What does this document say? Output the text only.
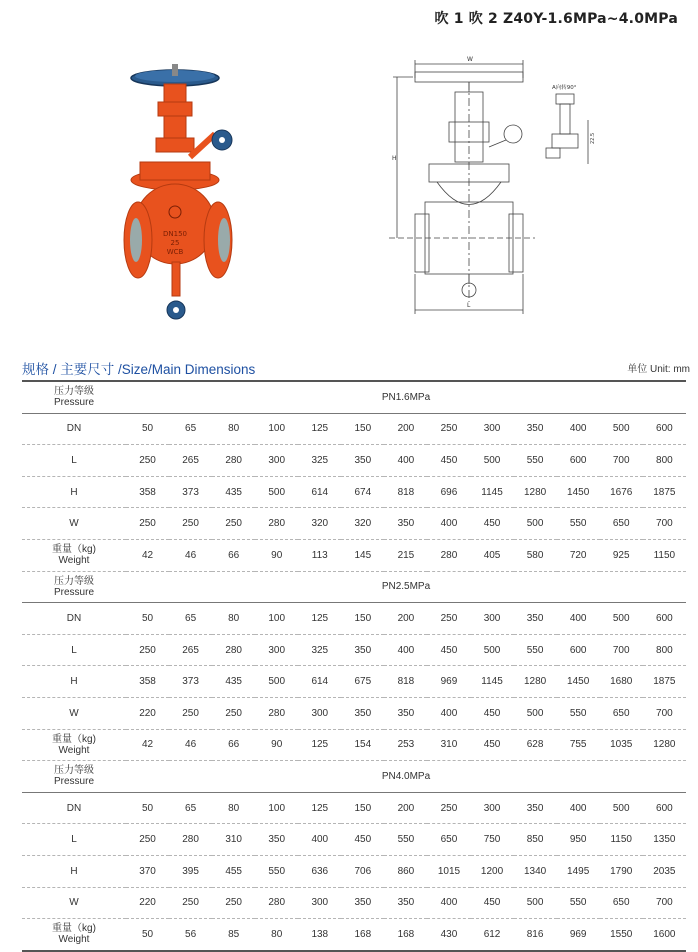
吹 1 吹 2 Z40Y-1.6MPa~4.0MPa
DN150
25
WCB
W
H
L
A向转90°
22.5
规格 / 主要尺寸 /Size/Main Dimensions	单位 Unit: mm
压力等级
Pressure	PN1.6MPa												

DN	50	65	80	100	125	150	200	250	300	350	400	500	600

L	250	265	280	300	325	350	400	450	500	550	600	700	800

H	358	373	435	500	614	674	818	696	1145	1280	1450	1676	1875

W	250	250	250	280	320	320	350	400	450	500	550	650	700

重量（kg)
Weight	42	46	66	90	113	145	215	280	405	580	720	925	1150

压力等级
Pressure	PN2.5MPa												

DN	50	65	80	100	125	150	200	250	300	350	400	500	600

L	250	265	280	300	325	350	400	450	500	550	600	700	800

H	358	373	435	500	614	675	818	969	1145	1280	1450	1680	1875

W	220	250	250	280	300	350	350	400	450	500	550	650	700

重量（kg)
Weight	42	46	66	90	125	154	253	310	450	628	755	1035	1280

压力等级
Pressure	PN4.0MPa												

DN	50	65	80	100	125	150	200	250	300	350	400	500	600

L	250	280	310	350	400	450	550	650	750	850	950	1150	1350

H	370	395	455	550	636	706	860	1015	1200	1340	1495	1790	2035

W	220	250	250	280	300	350	350	400	450	500	550	650	700

重量（kg)
Weight	50	56	85	80	138	168	168	430	612	816	969	1550	1600
